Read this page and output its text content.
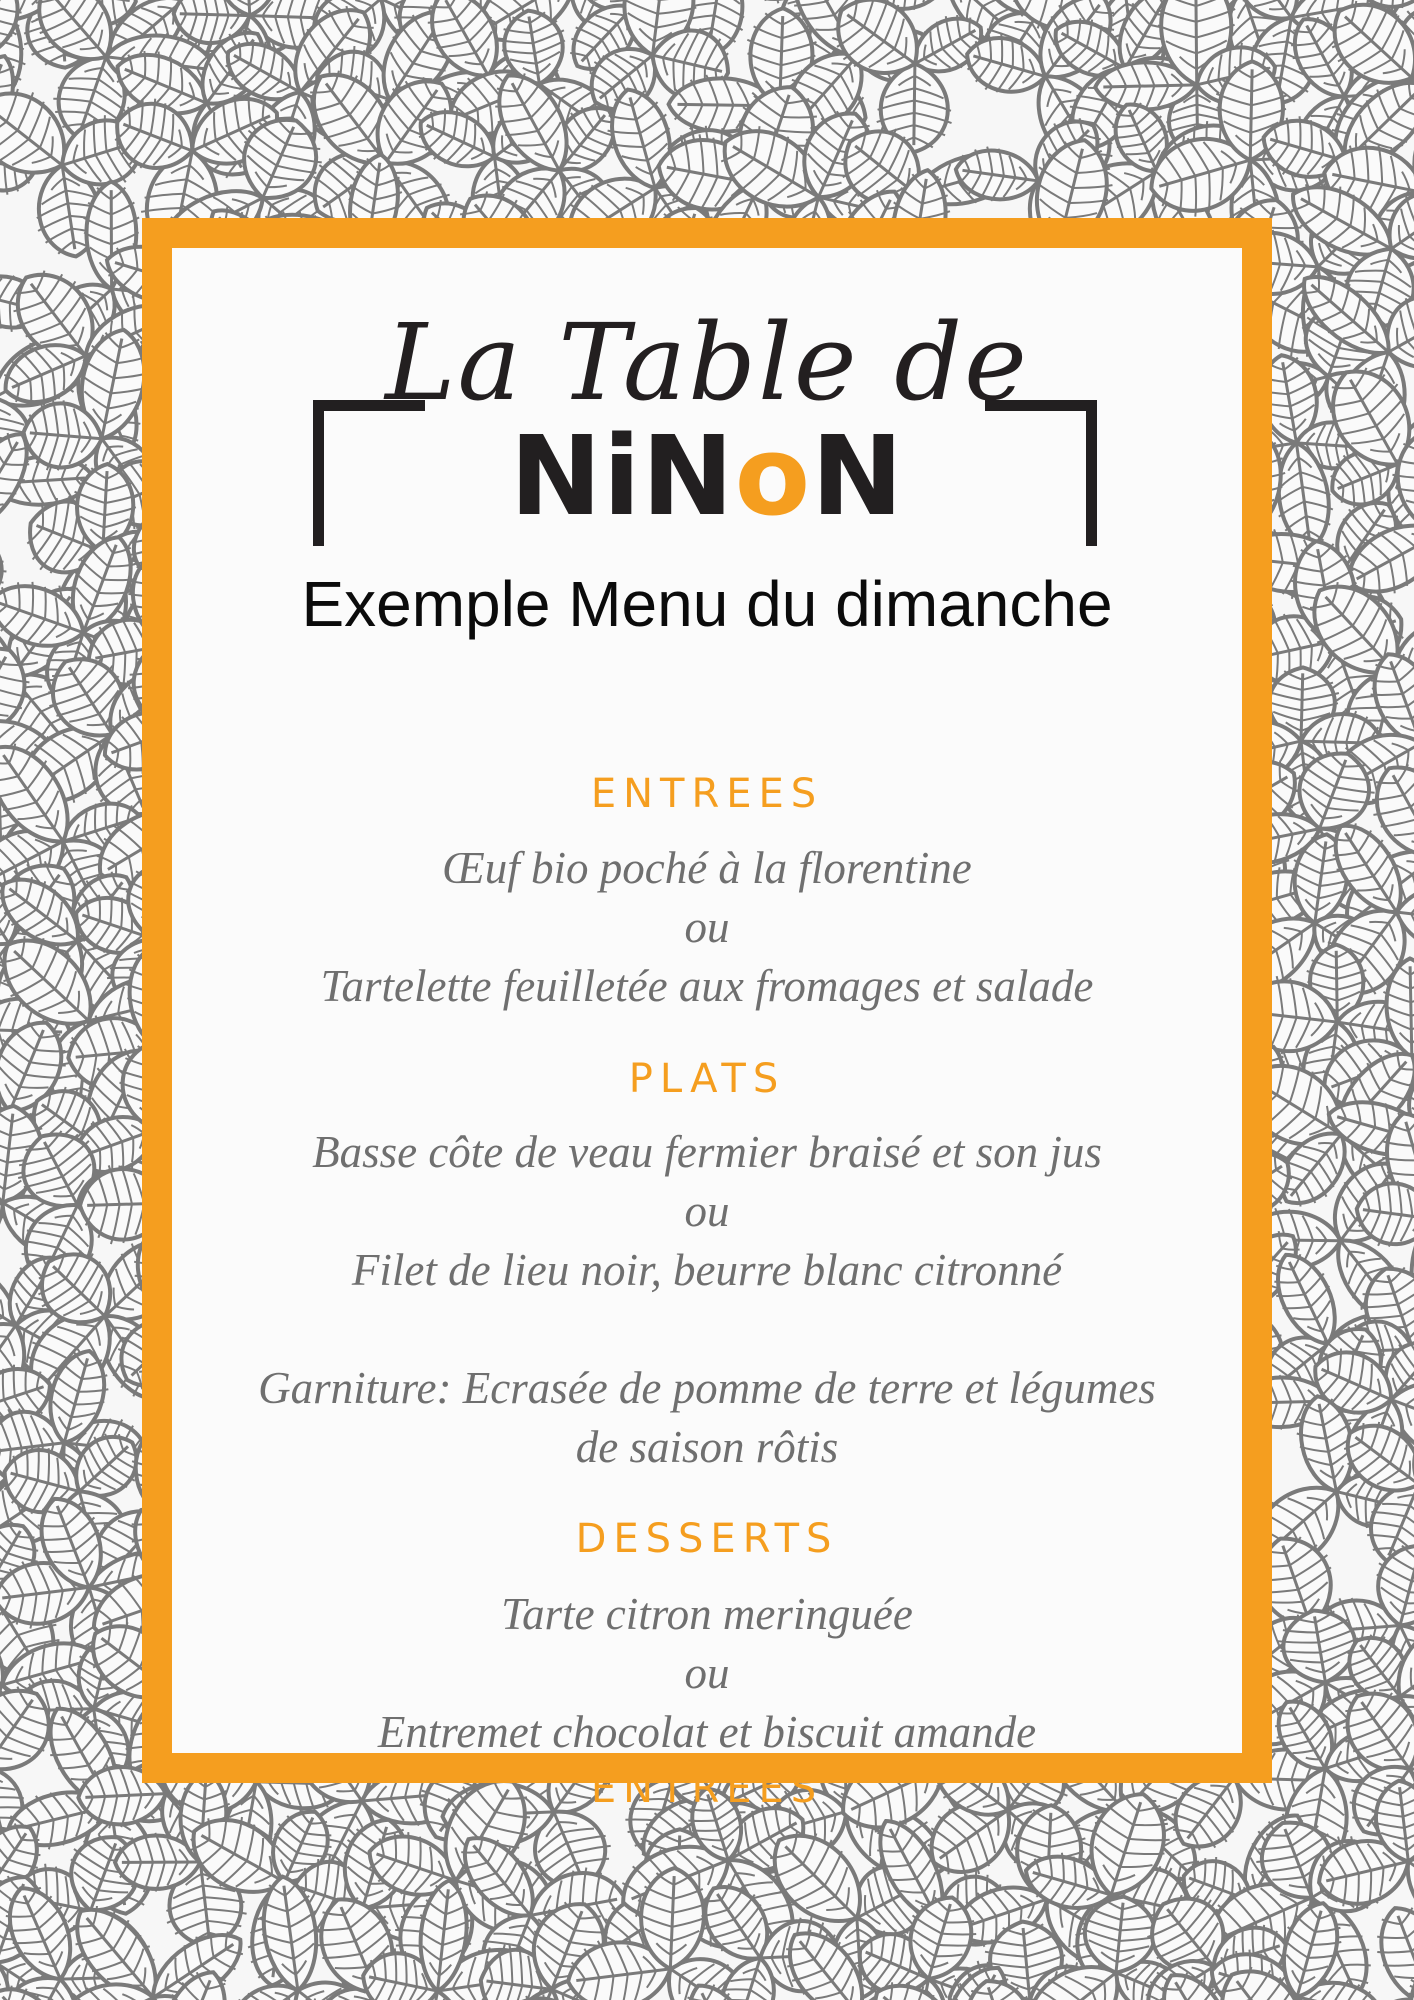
ENTREES
La Table de
NiNoN
Exemple Menu du dimanche

ENTREES

Œuf bio poché à la florentine

ou

Tartelette feuilletée aux fromages et salade

PLATS

Basse côte de veau fermier braisé et son jus

ou

Filet de lieu noir, beurre blanc citronné

Garniture: Ecrasée de pomme de terre et légumes

de saison rôtis

DESSERTS

Tarte citron meringuée

ou

Entremet chocolat et biscuit amande
